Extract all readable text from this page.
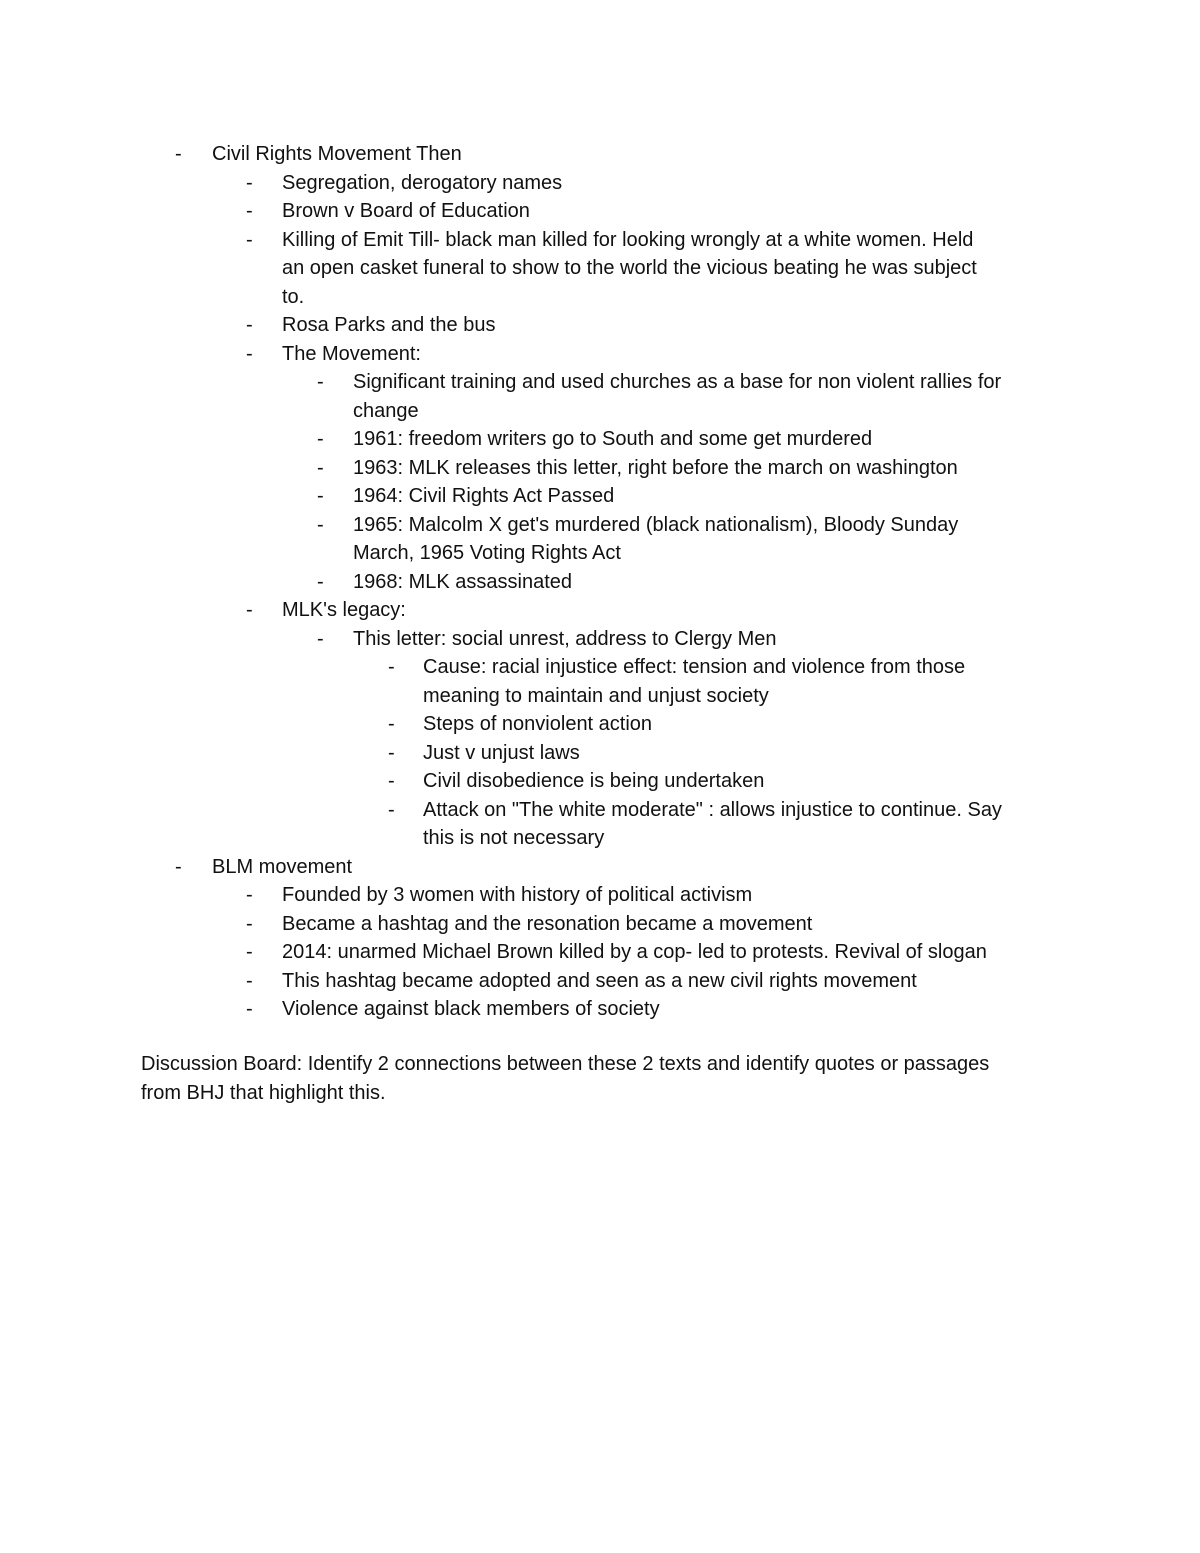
-	Civil Rights Movement Then
-	Segregation, derogatory names
-	Brown v Board of Education
-	Killing of Emit Till- black man killed for looking wrongly at a white women. Held
an open casket funeral to show to the world the vicious beating he was subject
to.
-	Rosa Parks and the bus
-	The Movement:
-	Significant training and used churches as a base for non violent rallies for
change
-	1961: freedom writers go to South and some get murdered
-	1963: MLK releases this letter, right before the march on washington
-	1964: Civil Rights Act Passed
-	1965: Malcolm X get's murdered (black nationalism), Bloody Sunday
March, 1965 Voting Rights Act
-	1968: MLK assassinated
-	MLK's legacy:
-	This letter: social unrest, address to Clergy Men
-	Cause: racial injustice effect: tension and violence from those
meaning to maintain and unjust society
-	Steps of nonviolent action
-	Just v unjust laws
-	Civil disobedience is being undertaken
-	Attack on "The white moderate" : allows injustice to continue. Say
this is not necessary
-	BLM movement
-	Founded by 3 women with history of political activism
-	Became a hashtag and the resonation became a movement
-	2014: unarmed Michael Brown killed by a cop- led to protests. Revival of slogan
-	This hashtag became adopted and seen as a new civil rights movement
-	Violence against black members of society
Discussion Board: Identify 2 connections between these 2 texts and identify quotes or passages
from BHJ that highlight this.
